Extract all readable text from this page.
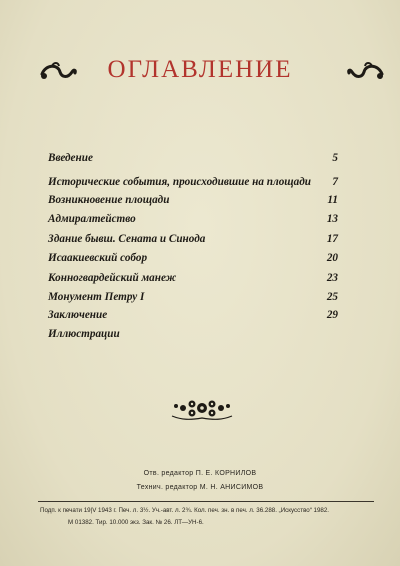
ОГЛАВЛЕНИЕ
Введение	5
Исторические события, происходившие на площади 7
Возникновение площади	11
Адмиралтейство	13
Здание бывш. Сената и Синода	17
Исаакиевский собор	20
Конногвардейский манеж	23
Монумент Петру I	25
Заключение	29
Иллюстрации
Отв. редактор П. Е. КОРНИЛОВ
Технич. редактор М. Н. АНИСИМОВ
Подп. к печати 19|V 1943 г. Печ. л. 3½. Уч.-авт. л. 2¾. Кол. печ. зн. в печ. л. 36.288. „Искусство“ 1982.
М 01382. Тир. 10.000 экз. Зак. № 26. ЛТ—УН-6.
